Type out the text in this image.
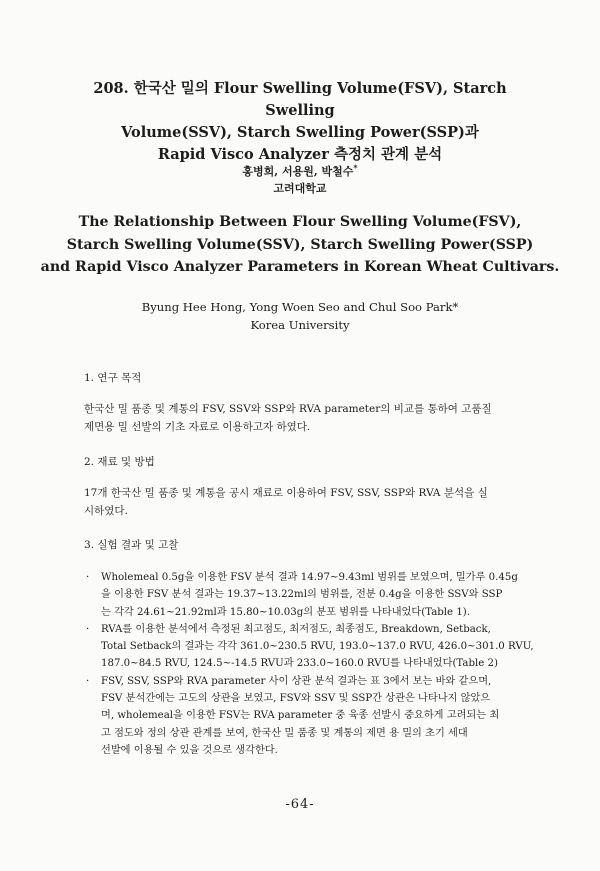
208. 한국산 밀의 Flour Swelling Volume(FSV), Starch Swelling
Volume(SSV), Starch Swelling Power(SSP)과
Rapid Visco Analyzer 측정치 관계 분석
홍병희, 서용원, 박철수*
고려대학교
The Relationship Between Flour Swelling Volume(FSV),
Starch Swelling Volume(SSV), Starch Swelling Power(SSP)
and Rapid Visco Analyzer Parameters in Korean Wheat Cultivars.
Byung Hee Hong, Yong Woen Seo and Chul Soo Park*
Korea University
1. 연구 목적
한국산 밀 품종 및 계통의 FSV, SSV와 SSP와 RVA parameter의 비교를 통하여 고품질
제면용 밀 선발의 기초 자료로 이용하고자 하였다.
2. 재료 및 방법
17개 한국산 밀 품종 및 계통을 공시 재료로 이용하여 FSV, SSV, SSP와 RVA 분석을 실
시하였다.
3. 실험 결과 및 고찰
· Wholemeal 0.5g을 이용한 FSV 분석 결과 14.97~9.43ml 범위를 보였으며, 밀가루 0.45g
을 이용한 FSV 분석 결과는 19.37~13.22ml의 범위를, 전분 0.4g을 이용한 SSV와 SSP
는 각각 24.61~21.92ml과 15.80~10.03g의 분포 범위를 나타내었다(Table 1).
· RVA를 이용한 분석에서 측정된 최고점도, 최저점도, 최종점도, Breakdown, Setback,
Total Setback의 결과는 각각 361.0~230.5 RVU, 193.0~137.0 RVU, 426.0~301.0 RVU,
187.0~84.5 RVU, 124.5~-14.5 RVU과 233.0~160.0 RVU를 나타내었다(Table 2)
· FSV, SSV, SSP와 RVA parameter 사이 상관 분석 결과는 표 3에서 보는 바와 같으며,
FSV 분석간에는 고도의 상관을 보였고, FSV와 SSV 및 SSP간 상관은 나타나지 않았으
며, wholemeal을 이용한 FSV는 RVA parameter 중 육종 선발시 중요하게 고려되는 최
고 점도와 정의 상관 관계를 보여, 한국산 밀 품종 및 계통의 제면 용 밀의 초기 세대
선발에 이용될 수 있을 것으로 생각한다.
-64-
